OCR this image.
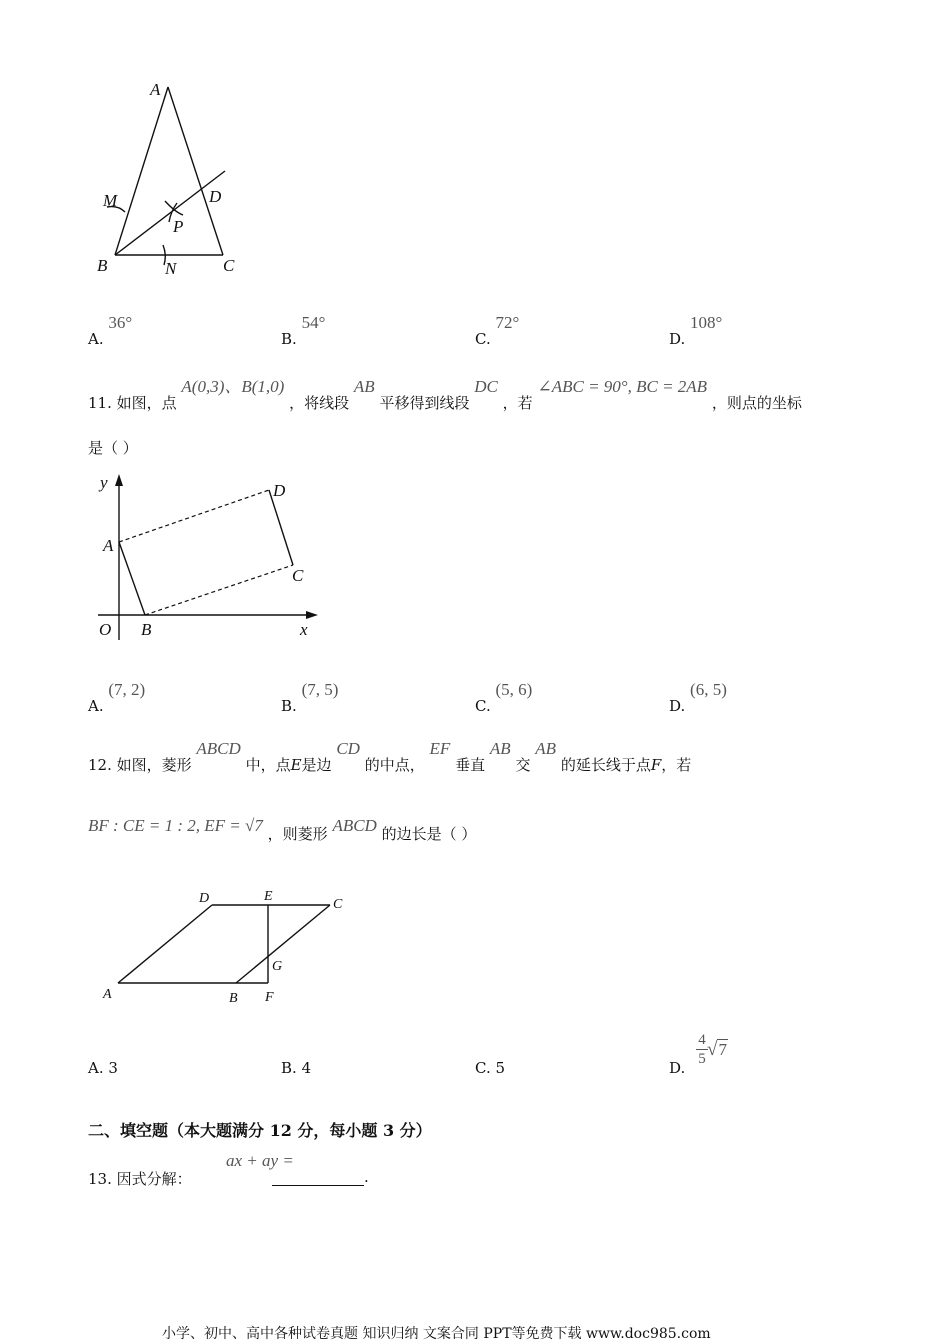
A
M	D
P
B	N	C
A. 36°
B. 54°
C. 72°
D. 108°
11. 如图，点 A(0,3)、B(1,0) ，将线段 AB 平移得到线段 DC ，若 ∠ABC = 90°, BC = 2AB ，则点的坐标
是（ ）
y	D
A
C
O B	x
A. (7, 2)
B. (7, 5)
C. (5, 6)
D. (6, 5)
12. 如图，菱形 ABCD 中，点E是边 CD 的中点， EF 垂直 AB 交 AB 的延长线于点F，若
BF : CE = 1 : 2, EF = √7 ，则菱形 ABCD 的边长是（ ）
D	E
C
G
A	B F
A. 3	B. 4	C. 5	D.
4
5 √7
二、填空题（本大题满分 12 分，每小题 3 分）
13. 因式分解：
ax + ay =
.
小学、初中、高中各种试卷真题 知识归纳 文案合同 PPT等免费下载 www.doc985.com
